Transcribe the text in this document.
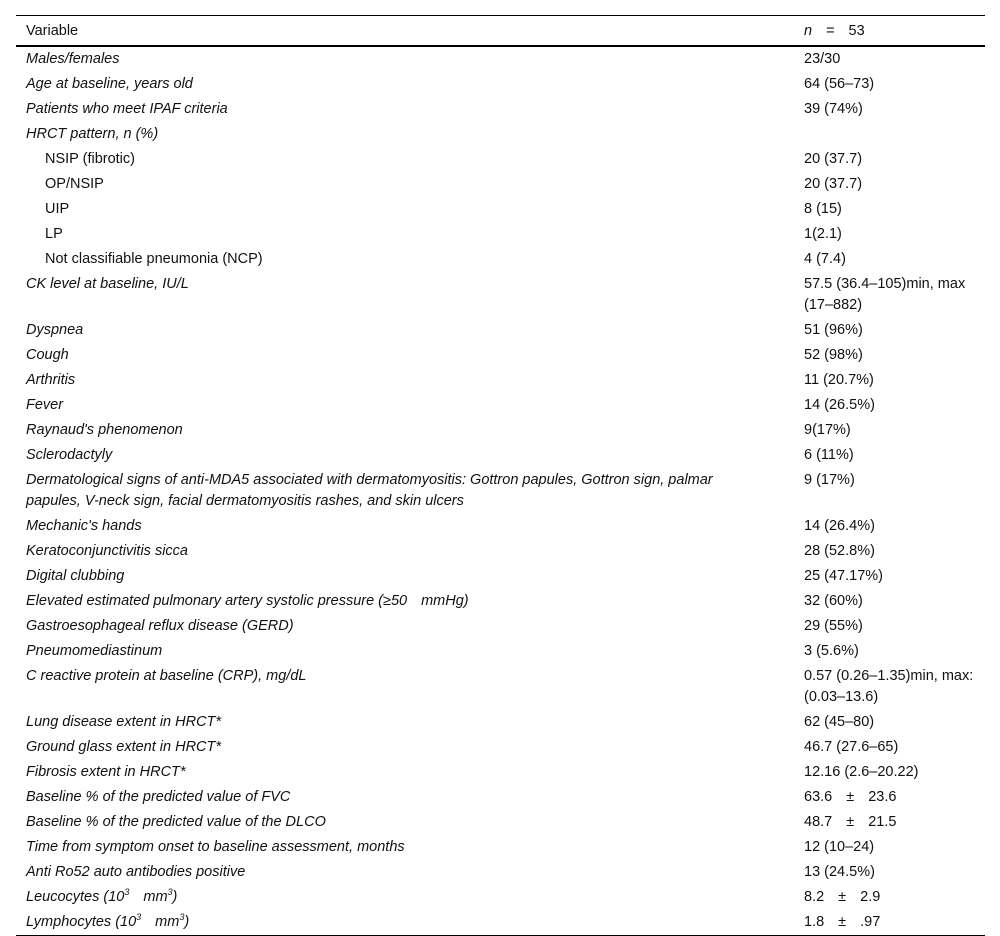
Variable	n = 53
Males/females	23/30
Age at baseline, years old	64 (56–73)
Patients who meet IPAF criteria	39 (74%)
HRCT pattern, n (%)	
NSIP (fibrotic)	20 (37.7)
OP/NSIP	20 (37.7)
UIP	8 (15)
LP	1(2.1)
Not classifiable pneumonia (NCP)	4 (7.4)
CK level at baseline, IU/L	57.5 (36.4–105)min, max (17–882)
Dyspnea	51 (96%)
Cough	52 (98%)
Arthritis	11 (20.7%)
Fever	14 (26.5%)
Raynaud's phenomenon	9(17%)
Sclerodactyly	6 (11%)
Dermatological signs of anti-MDA5 associated with dermatomyositis: Gottron papules, Gottron sign, palmar papules, V-neck sign, facial dermatomyositis rashes, and skin ulcers	9 (17%)
Mechanic's hands	14 (26.4%)
Keratoconjunctivitis sicca	28 (52.8%)
Digital clubbing	25 (47.17%)
Elevated estimated pulmonary artery systolic pressure (≥50 mmHg)	32 (60%)
Gastroesophageal reflux disease (GERD)	29 (55%)
Pneumomediastinum	3 (5.6%)
C reactive protein at baseline (CRP), mg/dL	0.57 (0.26–1.35)min, max: (0.03–13.6)
Lung disease extent in HRCT*	62 (45–80)
Ground glass extent in HRCT*	46.7 (27.6–65)
Fibrosis extent in HRCT*	12.16 (2.6–20.22)
Baseline % of the predicted value of FVC	63.6 ± 23.6
Baseline % of the predicted value of the DLCO	48.7 ± 21.5
Time from symptom onset to baseline assessment, months	12 (10–24)
Anti Ro52 auto antibodies positive	13 (24.5%)
Leucocytes ($10^3$ $mm^3$)	8.2 ± 2.9
Lymphocytes ($10^3$ $mm^3$)	1.8 ± .97
